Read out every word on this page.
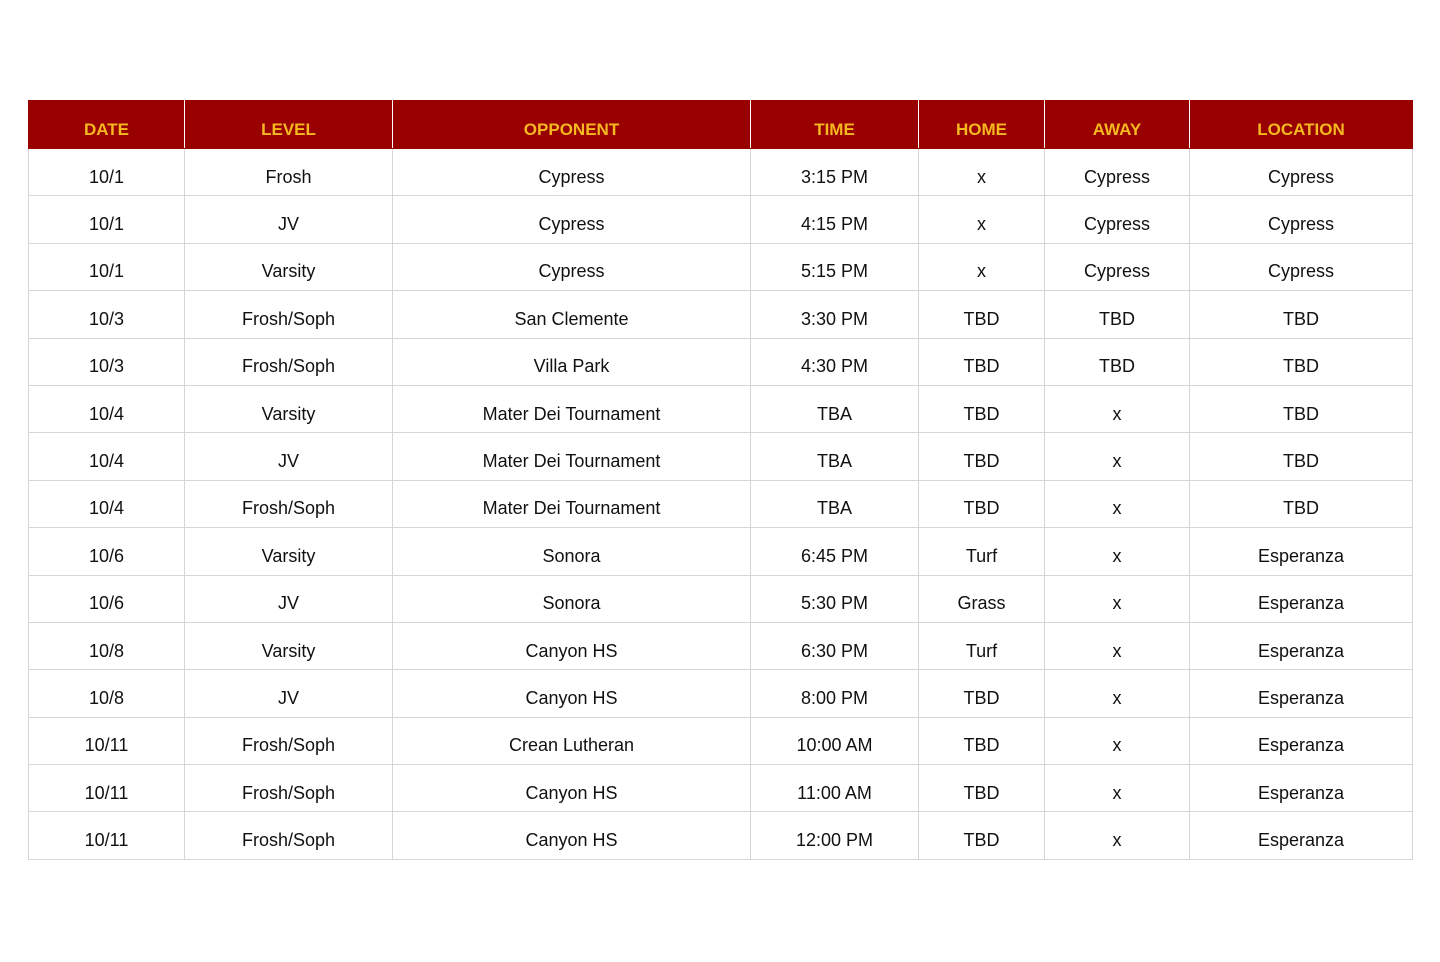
DATE	LEVEL	OPPONENT	TIME	HOME	AWAY	LOCATION
10/1	Frosh	Cypress	3:15 PM	x	Cypress	Cypress
10/1	JV	Cypress	4:15 PM	x	Cypress	Cypress
10/1	Varsity	Cypress	5:15 PM	x	Cypress	Cypress
10/3	Frosh/Soph	San Clemente	3:30 PM	TBD	TBD	TBD
10/3	Frosh/Soph	Villa Park	4:30 PM	TBD	TBD	TBD
10/4	Varsity	Mater Dei Tournament	TBA	TBD	x	TBD
10/4	JV	Mater Dei Tournament	TBA	TBD	x	TBD
10/4	Frosh/Soph	Mater Dei Tournament	TBA	TBD	x	TBD
10/6	Varsity	Sonora	6:45 PM	Turf	x	Esperanza
10/6	JV	Sonora	5:30 PM	Grass	x	Esperanza
10/8	Varsity	Canyon HS	6:30 PM	Turf	x	Esperanza
10/8	JV	Canyon HS	8:00 PM	TBD	x	Esperanza
10/11	Frosh/Soph	Crean Lutheran	10:00 AM	TBD	x	Esperanza
10/11	Frosh/Soph	Canyon HS	11:00 AM	TBD	x	Esperanza
10/11	Frosh/Soph	Canyon HS	12:00 PM	TBD	x	Esperanza
